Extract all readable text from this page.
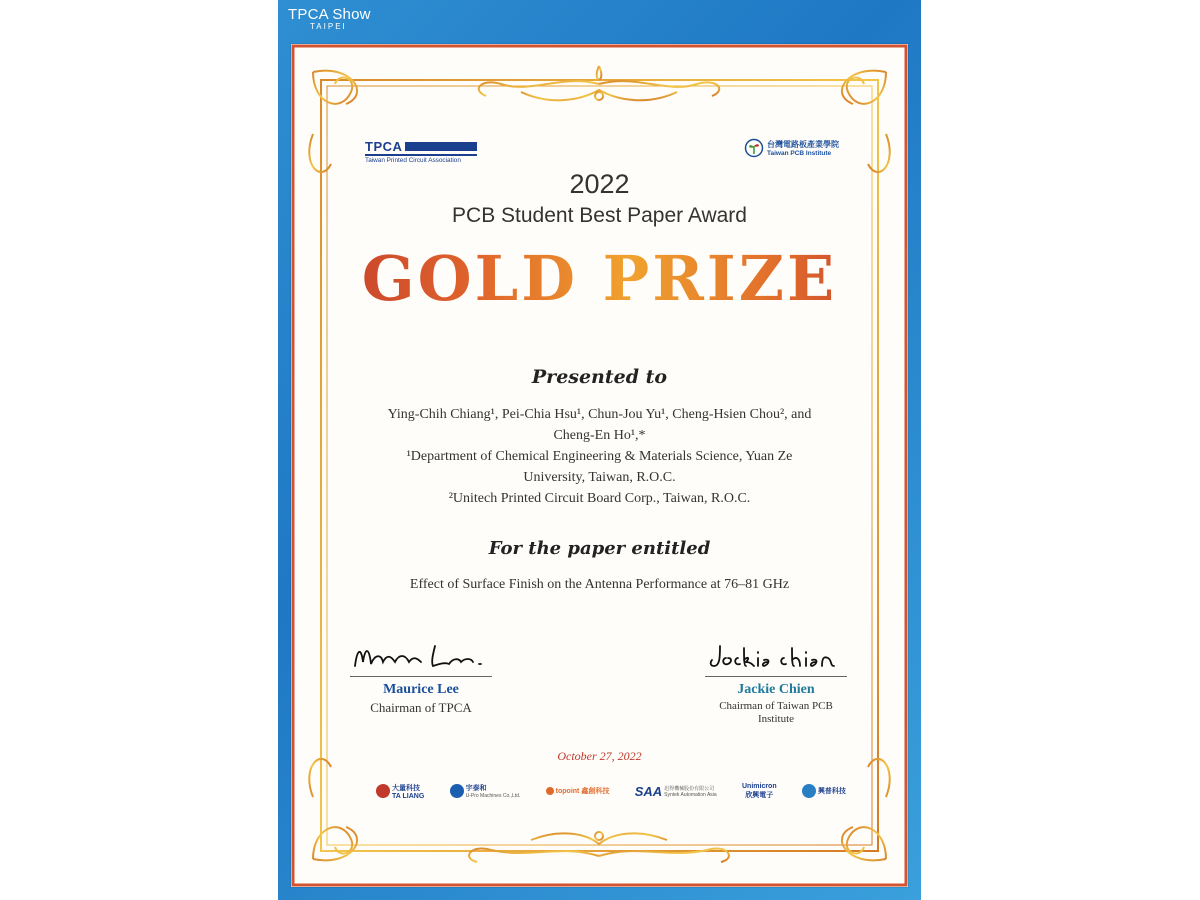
TPCA Show
TAIPEI
TPCA
Taiwan Printed Circuit Association
台灣電路板產業學院
Taiwan PCB Institute
2022
PCB Student Best Paper Award
GOLD PRIZE
Presented to
Ying-Chih Chiang¹, Pei-Chia Hsu¹, Chun-Jou Yu¹, Cheng-Hsien Chou², and
Cheng-En Ho¹,*
¹Department of Chemical Engineering & Materials Science, Yuan Ze
University, Taiwan, R.O.C.
²Unitech Printed Circuit Board Corp., Taiwan, R.O.C.
For the paper entitled
Effect of Surface Finish on the Antenna Performance at 76–81 GHz
Maurice Lee
Chairman of TPCA
Jackie Chien
Chairman of Taiwan PCB
Institute
October 27, 2022
大量科技
TA LIANG
宇泰和

U-Pro Machines Co.,Ltd.
topoint 鑫創科技 SAA 迅得機械股份有限公司
Syntek Automation Asia
Unimicron
欣興電子
興普科技
